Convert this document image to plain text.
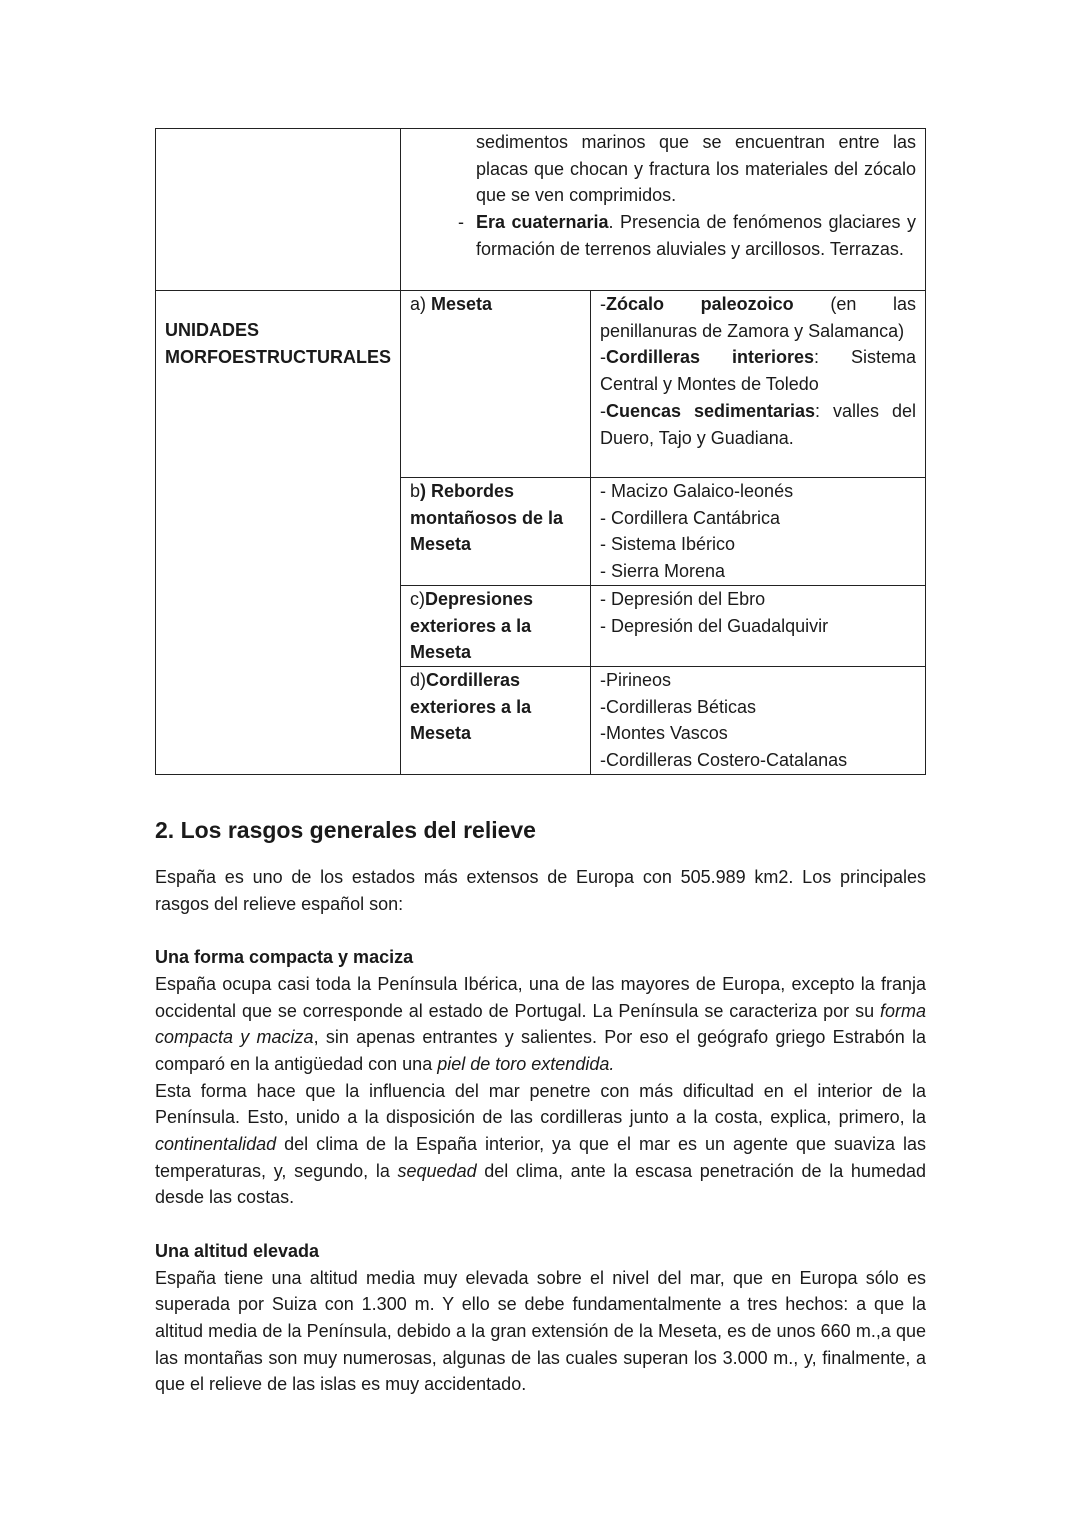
	sedimentos marinos que se encuentran entre las placas que chocan y fractura los materiales del zócalo que se ven comprimidos.
- Era cuaternaria. Presencia de fenómenos glaciares y formación de terrenos aluviales y arcillosos. Terrazas.	

UNIDADES MORFOESTRUCTURALES	a) Meseta	-Zócalo paleozoico (en las penillanuras de Zamora y Salamanca)
-Cordilleras interiores: Sistema Central y Montes de Toledo
-Cuencas sedimentarias: valles del Duero, Tajo y Guadiana.

	b) Rebordes montañosos de la Meseta	- Macizo Galaico-leonés
- Cordillera Cantábrica
- Sistema Ibérico
- Sierra Morena

	c)Depresiones exteriores a la Meseta	- Depresión del Ebro
- Depresión del Guadalquivir

	d)Cordilleras exteriores a la Meseta	-Pirineos
-Cordilleras Béticas
-Montes Vascos
-Cordilleras Costero-Catalanas
2. Los rasgos generales del relieve

España es uno de los estados más extensos de Europa con 505.989 km2. Los principales rasgos del relieve español son:

Una forma compacta y maciza

España ocupa casi toda la Península Ibérica, una de las mayores de Europa, excepto la franja occidental que se corresponde al estado de Portugal. La Península se caracteriza por su forma compacta y maciza, sin apenas entrantes y salientes. Por eso el geógrafo griego Estrabón la comparó en la antigüedad con una piel de toro extendida.

Esta forma hace que la influencia del mar penetre con más dificultad en el interior de la Península. Esto, unido a la disposición de las cordilleras junto a la costa, explica, primero, la continentalidad del clima de la España interior, ya que el mar es un agente que suaviza las temperaturas, y, segundo, la sequedad del clima, ante la escasa penetración de la humedad desde las costas.

Una altitud elevada

España tiene una altitud media muy elevada sobre el nivel del mar, que en Europa sólo es superada por Suiza con 1.300 m. Y ello se debe fundamentalmente a tres hechos: a que la altitud media de la Península, debido a la gran extensión de la Meseta, es de unos 660 m.,a que las montañas son muy numerosas, algunas de las cuales superan los 3.000 m., y, finalmente, a que el relieve de las islas es muy accidentado.
